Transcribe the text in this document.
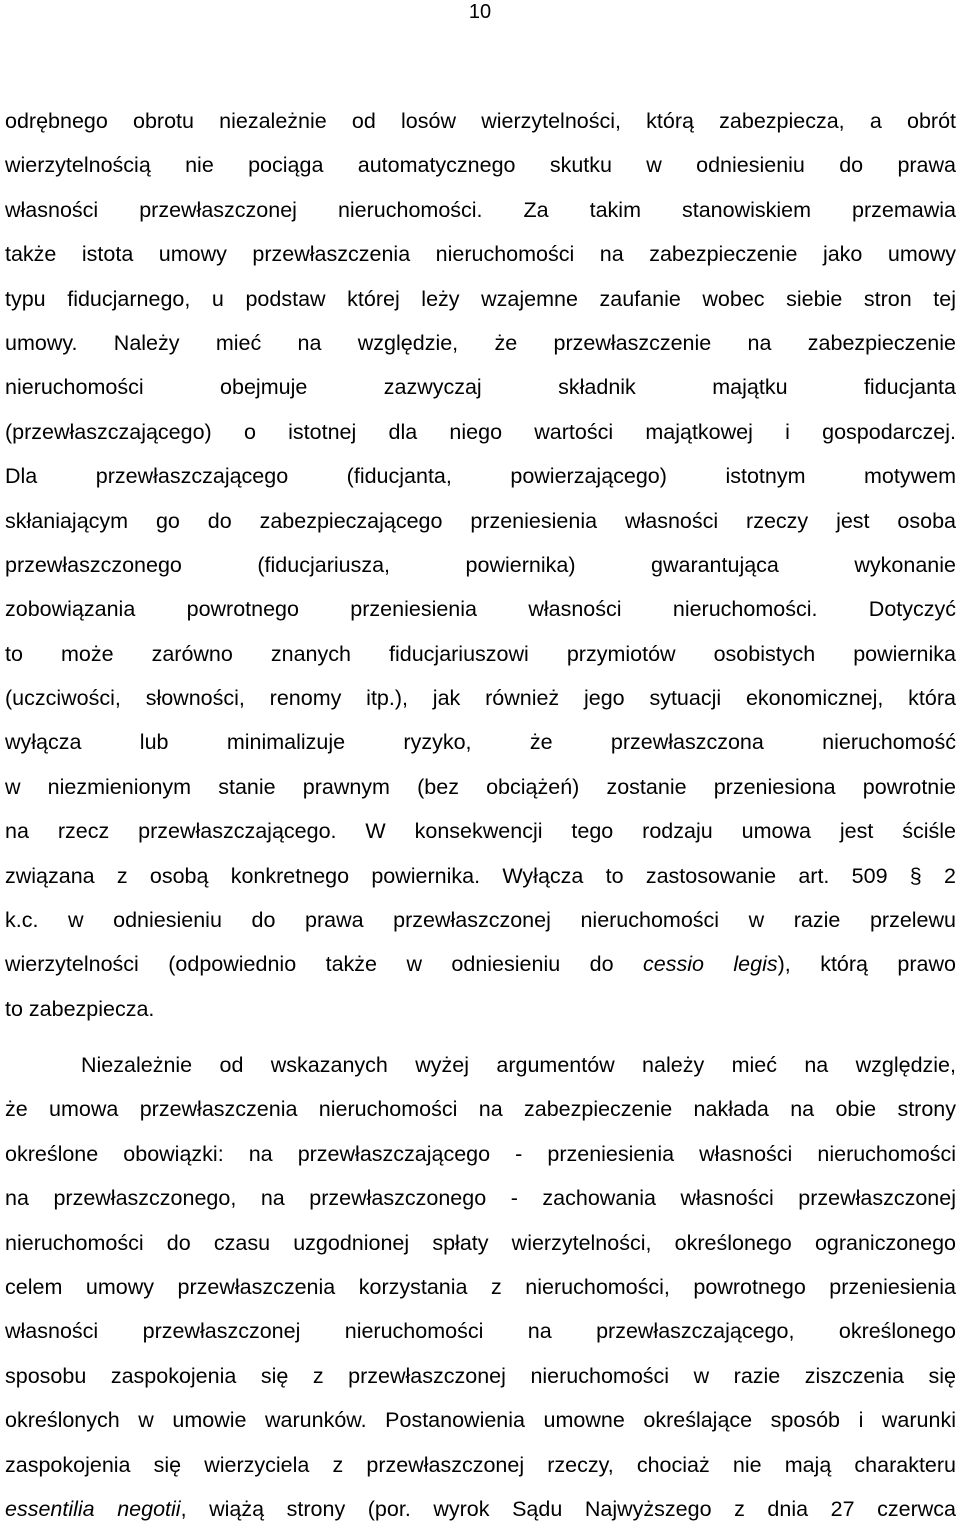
10
odrębnego obrotu niezależnie od losów wierzytelności, którą zabezpiecza, a obrót
wierzytelnością nie pociąga automatycznego skutku w odniesieniu do prawa
własności przewłaszczonej nieruchomości. Za takim stanowiskiem przemawia
także istota umowy przewłaszczenia nieruchomości na zabezpieczenie jako umowy
typu fiducjarnego, u podstaw której leży wzajemne zaufanie wobec siebie stron tej
umowy. Należy mieć na względzie, że przewłaszczenie na zabezpieczenie
nieruchomości obejmuje zazwyczaj składnik majątku fiducjanta
(przewłaszczającego) o istotnej dla niego wartości majątkowej i gospodarczej.
Dla przewłaszczającego (fiducjanta, powierzającego) istotnym motywem
skłaniającym go do zabezpieczającego przeniesienia własności rzeczy jest osoba
przewłaszczonego (fiducjariusza, powiernika) gwarantująca wykonanie
zobowiązania powrotnego przeniesienia własności nieruchomości. Dotyczyć
to może zarówno znanych fiducjariuszowi przymiotów osobistych powiernika
(uczciwości, słowności, renomy itp.), jak również jego sytuacji ekonomicznej, która
wyłącza lub minimalizuje ryzyko, że przewłaszczona nieruchomość
w niezmienionym stanie prawnym (bez obciążeń) zostanie przeniesiona powrotnie
na rzecz przewłaszczającego. W konsekwencji tego rodzaju umowa jest ściśle
związana z osobą konkretnego powiernika. Wyłącza to zastosowanie art. 509 § 2
k.c. w odniesieniu do prawa przewłaszczonej nieruchomości w razie przelewu
wierzytelności (odpowiednio także w odniesieniu do cessio legis), którą prawo
to zabezpiecza.
Niezależnie od wskazanych wyżej argumentów należy mieć na względzie,
że umowa przewłaszczenia nieruchomości na zabezpieczenie nakłada na obie strony
określone obowiązki: na przewłaszczającego - przeniesienia własności nieruchomości
na przewłaszczonego, na przewłaszczonego - zachowania własności przewłaszczonej
nieruchomości do czasu uzgodnionej spłaty wierzytelności, określonego ograniczonego
celem umowy przewłaszczenia korzystania z nieruchomości, powrotnego przeniesienia
własności przewłaszczonej nieruchomości na przewłaszczającego, określonego
sposobu zaspokojenia się z przewłaszczonej nieruchomości w razie ziszczenia się
określonych w umowie warunków. Postanowienia umowne określające sposób i warunki
zaspokojenia się wierzyciela z przewłaszczonej rzeczy, chociaż nie mają charakteru
essentilia negotii, wiążą strony (por. wyrok Sądu Najwyższego z dnia 27 czerwca
